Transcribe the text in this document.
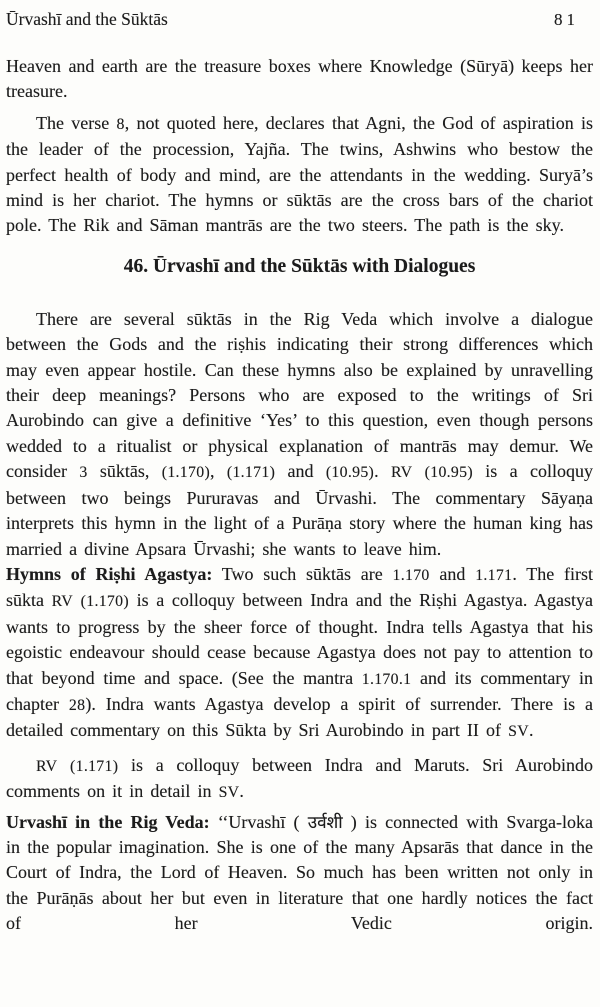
Ūrvashī and the Sūktās	81

Heaven and earth are the treasure boxes where Knowledge (Sūryā) keeps her treasure.

The verse 8, not quoted here, declares that Agni, the God of aspiration is the leader of the procession, Yajña. The twins, Ashwins who bestow the perfect health of body and mind, are the attendants in the wedding. Suryā’s mind is her chariot. The hymns or sūktās are the cross bars of the chariot pole. The Rik and Sāman mantrās are the two steers. The path is the sky.

46. Ūrvashī and the Sūktās with Dialogues

There are several sūktās in the Rig Veda which involve a dialogue between the Gods and the riṣhis indicating their strong differences which may even appear hostile. Can these hymns also be explained by unravelling their deep meanings? Persons who are exposed to the writings of Sri Aurobindo can give a definitive ‘Yes’ to this question, even though persons wedded to a ritualist or physical explanation of mantrās may demur. We consider 3 sūktās, (1.170), (1.171) and (10.95). RV (10.95) is a colloquy between two beings Pururavas and Ūrvashi. The commentary Sāyaṇa interprets this hymn in the light of a Purāṇa story where the human king has married a divine Apsara Ūrvashi; she wants to leave him.

Hymns of Riṣhi Agastya: Two such sūktās are 1.170 and 1.171. The first sūkta RV (1.170) is a colloquy between Indra and the Riṣhi Agastya. Agastya wants to progress by the sheer force of thought. Indra tells Agastya that his egoistic endeavour should cease because Agastya does not pay to attention to that beyond time and space. (See the mantra 1.170.1 and its commentary in chapter 28). Indra wants Agastya develop a spirit of surrender. There is a detailed commentary on this Sūkta by Sri Aurobindo in part II of SV.

RV (1.171) is a colloquy between Indra and Maruts. Sri Aurobindo comments on it in detail in SV.

Urvashī in the Rig Veda: ‘‘Urvashī ( उर्वशी ) is connected with Svarga-loka in the popular imagination. She is one of the many Apsarās that dance in the Court of Indra, the Lord of Heaven. So much has been written not only in the Purāṇās about her but even in literature that one hardly notices the fact of her Vedic origin.
